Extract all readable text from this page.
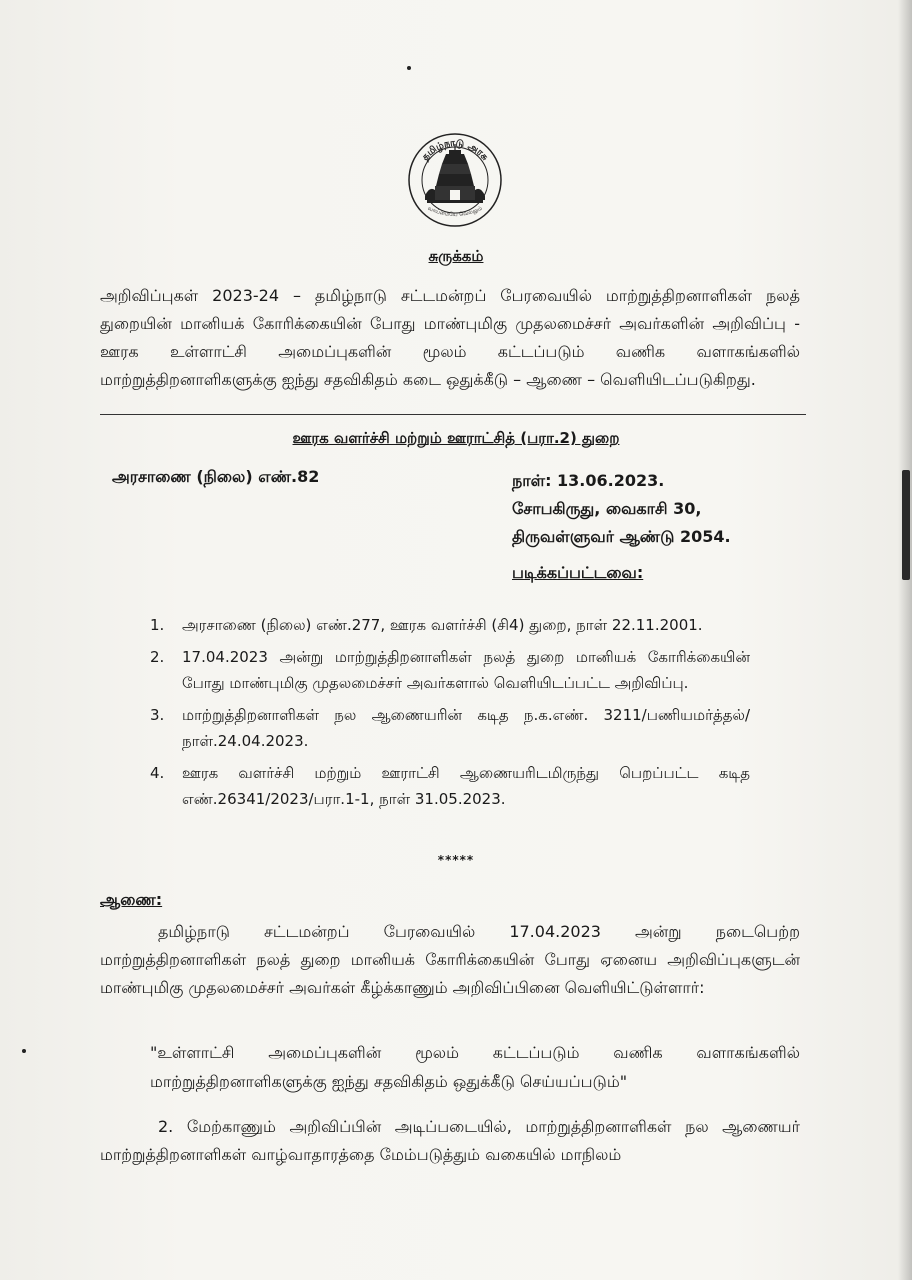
தமிழ்நாடு அரசு
வாய்மையே வெல்லும்
சுருக்கம்
அறிவிப்புகள் 2023-24 – தமிழ்நாடு சட்டமன்றப் பேரவையில் மாற்றுத்திறனாளிகள் நலத் துறையின் மானியக் கோரிக்கையின் போது மாண்புமிகு முதலமைச்சர் அவர்களின் அறிவிப்பு - ஊரக உள்ளாட்சி அமைப்புகளின் மூலம் கட்டப்படும் வணிக வளாகங்களில் மாற்றுத்திறனாளிகளுக்கு ஐந்து சதவிகிதம் கடை ஒதுக்கீடு – ஆணை – வெளியிடப்படுகிறது.
ஊரக வளர்ச்சி மற்றும் ஊராட்சித் (பரா.2) துறை
அரசாணை (நிலை) எண்.82	நாள்: 13.06.2023.
சோபகிருது, வைகாசி 30,
திருவள்ளுவர் ஆண்டு 2054.
படிக்கப்பட்டவை:
1.	அரசாணை (நிலை) எண்.277, ஊரக வளர்ச்சி (சி4) துறை, நாள் 22.11.2001.
2.	17.04.2023 அன்று மாற்றுத்திறனாளிகள் நலத் துறை மானியக் கோரிக்கையின் போது மாண்புமிகு முதலமைச்சர் அவர்களால் வெளியிடப்பட்ட அறிவிப்பு.
3.	மாற்றுத்திறனாளிகள் நல ஆணையரின் கடித ந.க.எண். 3211/பணியமர்த்தல்/ நாள்.24.04.2023.
4.	ஊரக வளர்ச்சி மற்றும் ஊராட்சி ஆணையரிடமிருந்து பெறப்பட்ட கடித எண்.26341/2023/பரா.1-1, நாள் 31.05.2023.
*****
ஆணை:
தமிழ்நாடு சட்டமன்றப் பேரவையில் 17.04.2023 அன்று நடைபெற்ற மாற்றுத்திறனாளிகள் நலத் துறை மானியக் கோரிக்கையின் போது ஏனைய அறிவிப்புகளுடன் மாண்புமிகு முதலமைச்சர் அவர்கள் கீழ்க்காணும் அறிவிப்பினை வெளியிட்டுள்ளார்:
"உள்ளாட்சி அமைப்புகளின் மூலம் கட்டப்படும் வணிக வளாகங்களில் மாற்றுத்திறனாளிகளுக்கு ஐந்து சதவிகிதம் ஒதுக்கீடு செய்யப்படும்"
2. மேற்காணும் அறிவிப்பின் அடிப்படையில், மாற்றுத்திறனாளிகள் நல ஆணையர் மாற்றுத்திறனாளிகள் வாழ்வாதாரத்தை மேம்படுத்தும் வகையில் மாநிலம்
